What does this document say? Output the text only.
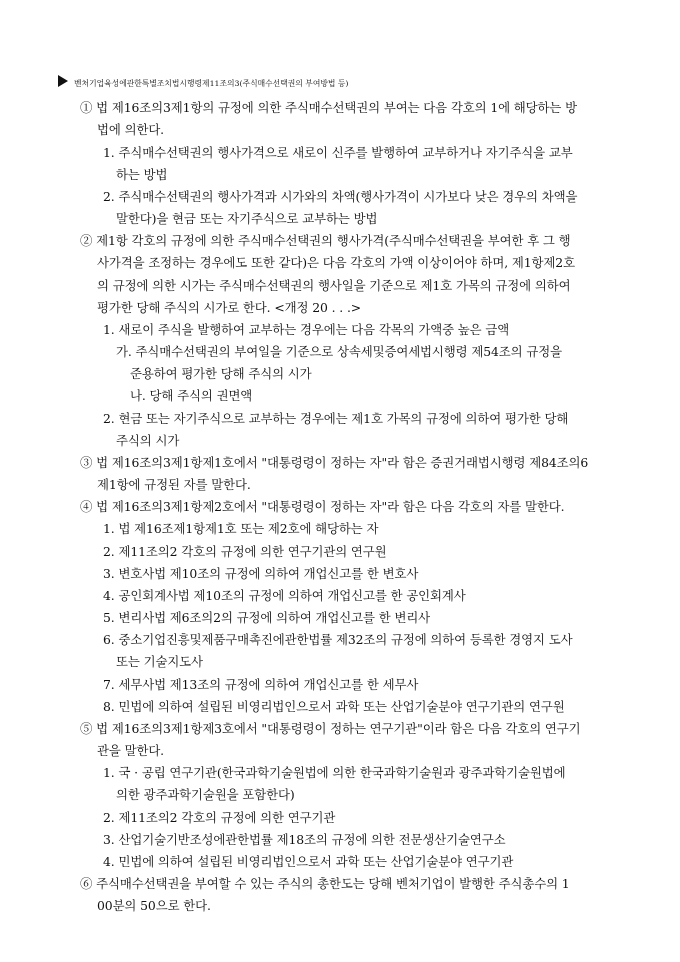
벤처기업육성에관한특별조치법시행령제11조의3(주식매수선택권의 부여방법 등)
① 법 제16조의3제1항의 규정에 의한 주식매수선택권의 부여는 다음 각호의 1에 해당하는 방
법에 의한다.
1. 주식매수선택권의 행사가격으로 새로이 신주를 발행하여 교부하거나 자기주식을 교부
하는 방법
2. 주식매수선택권의 행사가격과 시가와의 차액(행사가격이 시가보다 낮은 경우의 차액을
말한다)을 현금 또는 자기주식으로 교부하는 방법
② 제1항 각호의 규정에 의한 주식매수선택권의 행사가격(주식매수선택권을 부여한 후 그 행
사가격을 조정하는 경우에도 또한 같다)은 다음 각호의 가액 이상이어야 하며, 제1항제2호
의 규정에 의한 시가는 주식매수선택권의 행사일을 기준으로 제1호 가목의 규정에 의하여
평가한 당해 주식의 시가로 한다. <개정 20 . . .>
1. 새로이 주식을 발행하여 교부하는 경우에는 다음 각목의 가액중 높은 금액
가. 주식매수선택권의 부여일을 기준으로 상속세및증여세법시행령 제54조의 규정을
준용하여 평가한 당해 주식의 시가
나. 당해 주식의 권면액
2. 현금 또는 자기주식으로 교부하는 경우에는 제1호 가목의 규정에 의하여 평가한 당해
주식의 시가
③ 법 제16조의3제1항제1호에서 "대통령령이 정하는 자"라 함은 증권거래법시행령 제84조의6
제1항에 규정된 자를 말한다.
④ 법 제16조의3제1항제2호에서 "대통령령이 정하는 자"라 함은 다음 각호의 자를 말한다.
1. 법 제16조제1항제1호 또는 제2호에 해당하는 자
2. 제11조의2 각호의 규정에 의한 연구기관의 연구원
3. 변호사법 제10조의 규정에 의하여 개업신고를 한 변호사
4. 공인회계사법 제10조의 규정에 의하여 개업신고를 한 공인회계사
5. 변리사법 제6조의2의 규정에 의하여 개업신고를 한 변리사
6. 중소기업진흥및제품구매촉진에관한법률 제32조의 규정에 의하여 등록한 경영지 도사
또는 기술지도사
7. 세무사법 제13조의 규정에 의하여 개업신고를 한 세무사
8. 민법에 의하여 설립된 비영리법인으로서 과학 또는 산업기술분야 연구기관의 연구원
⑤ 법 제16조의3제1항제3호에서 "대통령령이 정하는 연구기관"이라 함은 다음 각호의 연구기
관을 말한다.
1. 국 · 공립 연구기관(한국과학기술원법에 의한 한국과학기술원과 광주과학기술원법에
의한 광주과학기술원을 포함한다)
2. 제11조의2 각호의 규정에 의한 연구기관
3. 산업기술기반조성에관한법률 제18조의 규정에 의한 전문생산기술연구소
4. 민법에 의하여 설립된 비영리법인으로서 과학 또는 산업기술분야 연구기관
⑥ 주식매수선택권을 부여할 수 있는 주식의 총한도는 당해 벤처기업이 발행한 주식총수의 1
00분의 50으로 한다.
